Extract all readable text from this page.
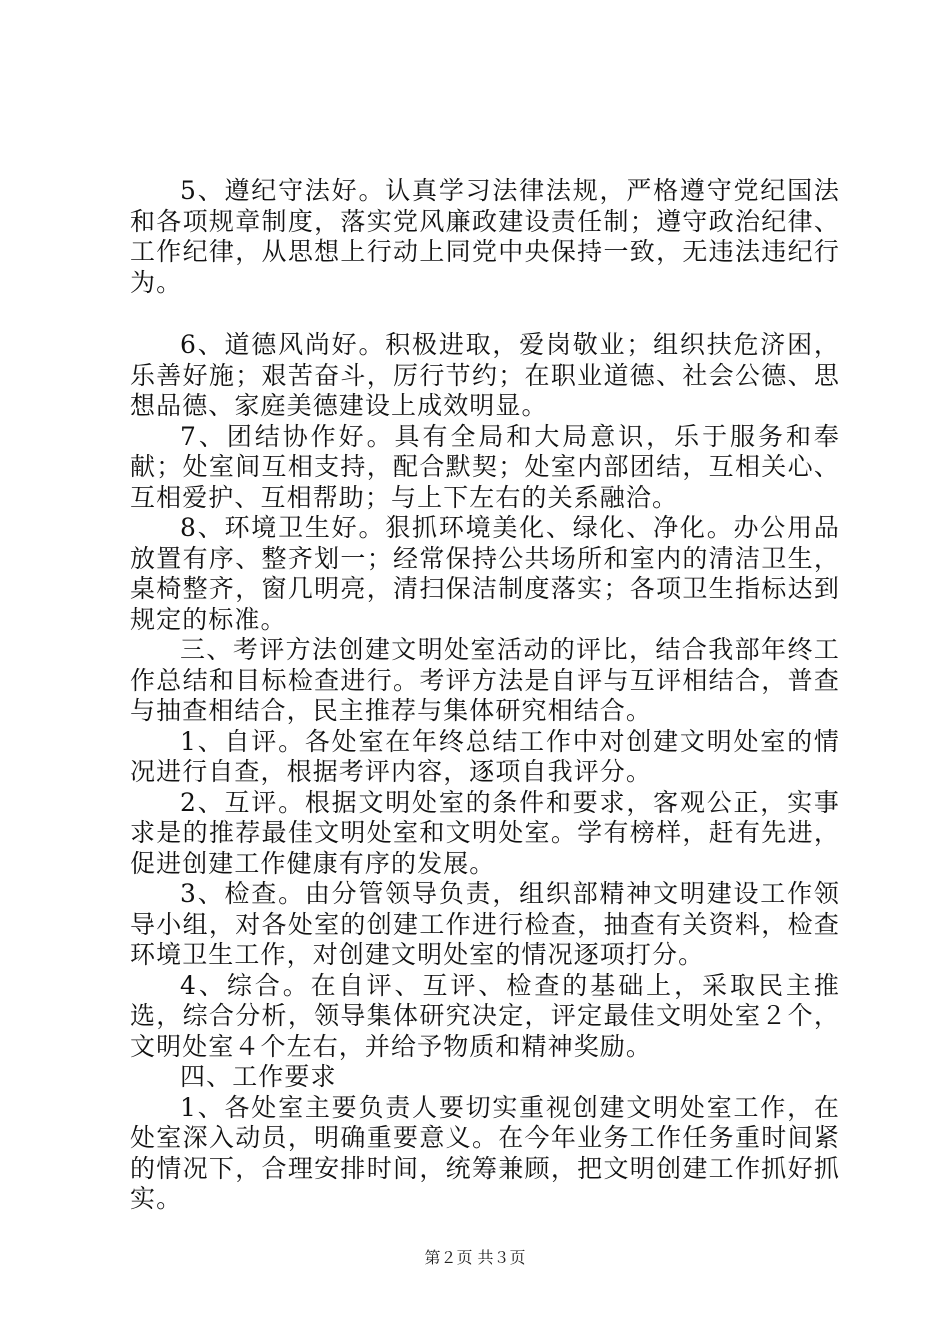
5、遵纪守法好。认真学习法律法规，严格遵守党纪国法和各项规章制度，落实党风廉政建设责任制；遵守政治纪律、工作纪律，从思想上行动上同党中央保持一致，无违法违纪行为。

6、道德风尚好。积极进取，爱岗敬业；组织扶危济困，乐善好施；艰苦奋斗，厉行节约；在职业道德、社会公德、思想品德、家庭美德建设上成效明显。

7、团结协作好。具有全局和大局意识，乐于服务和奉献；处室间互相支持，配合默契；处室内部团结，互相关心、互相爱护、互相帮助；与上下左右的关系融洽。

8、环境卫生好。狠抓环境美化、绿化、净化。办公用品放置有序、整齐划一；经常保持公共场所和室内的清洁卫生，桌椅整齐，窗几明亮，清扫保洁制度落实；各项卫生指标达到规定的标准。

三、考评方法创建文明处室活动的评比，结合我部年终工作总结和目标检查进行。考评方法是自评与互评相结合，普查与抽查相结合，民主推荐与集体研究相结合。

1、自评。各处室在年终总结工作中对创建文明处室的情况进行自查，根据考评内容，逐项自我评分。

2、互评。根据文明处室的条件和要求，客观公正，实事求是的推荐最佳文明处室和文明处室。学有榜样，赶有先进，促进创建工作健康有序的发展。

3、检查。由分管领导负责，组织部精神文明建设工作领导小组，对各处室的创建工作进行检查，抽查有关资料，检查环境卫生工作，对创建文明处室的情况逐项打分。

4、综合。在自评、互评、检查的基础上，采取民主推选，综合分析，领导集体研究决定，评定最佳文明处室２个，文明处室４个左右，并给予物质和精神奖励。

四、工作要求

1、各处室主要负责人要切实重视创建文明处室工作，在处室深入动员，明确重要意义。在今年业务工作任务重时间紧的情况下，合理安排时间，统筹兼顾，把文明创建工作抓好抓实。

第２页 共３页
